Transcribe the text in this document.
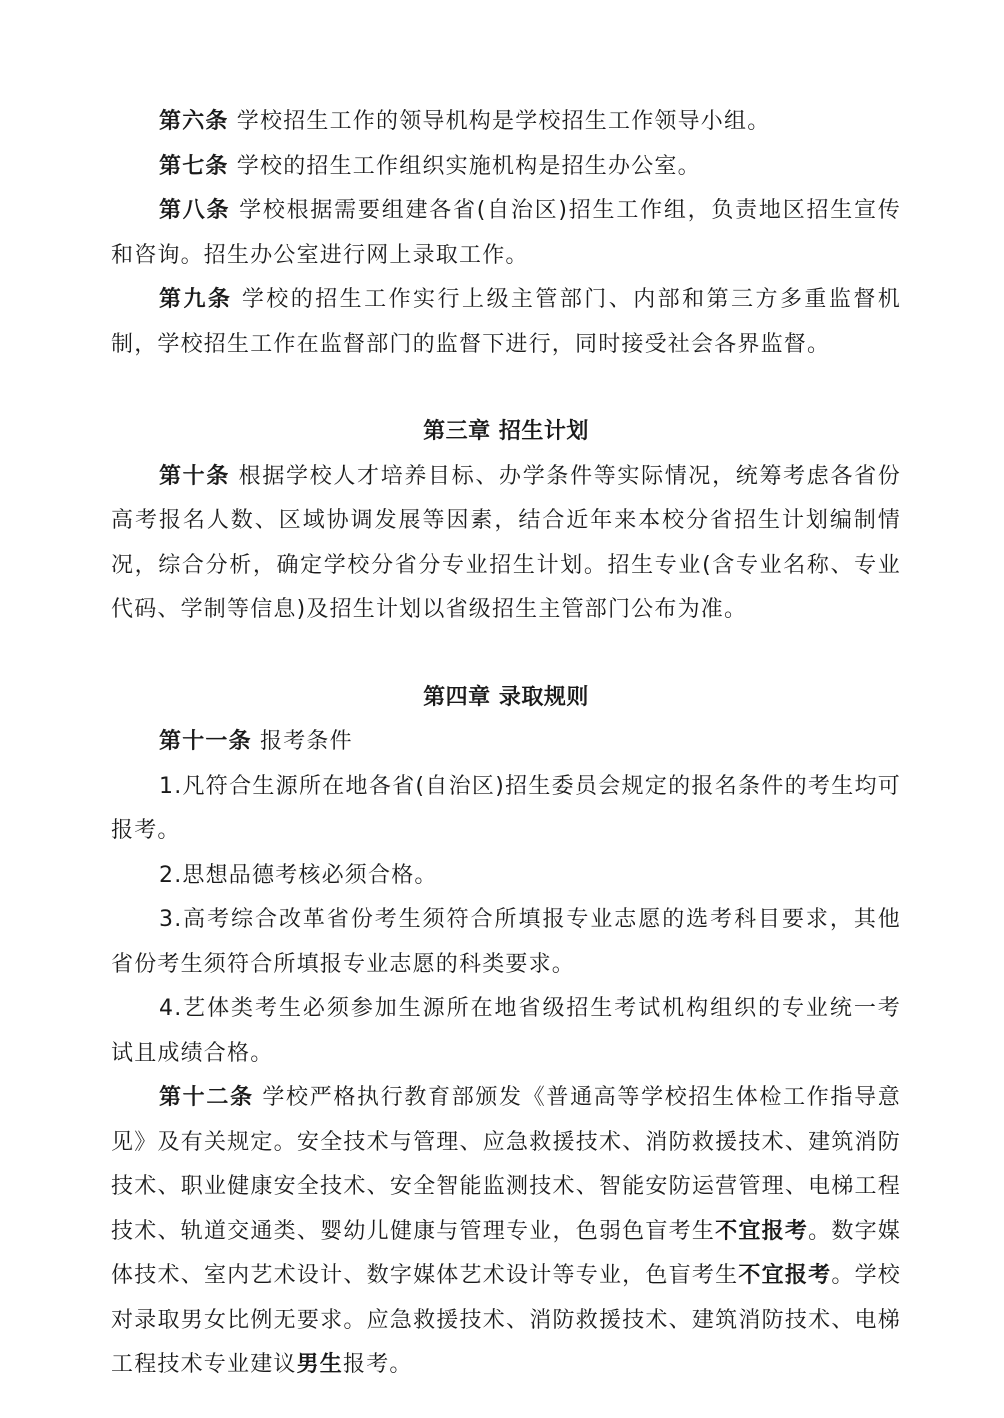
第六条 学校招生工作的领导机构是学校招生工作领导小组。

第七条 学校的招生工作组织实施机构是招生办公室。

第八条 学校根据需要组建各省(自治区)招生工作组，负责地区招生宣传和咨询。招生办公室进行网上录取工作。

第九条 学校的招生工作实行上级主管部门、内部和第三方多重监督机制，学校招生工作在监督部门的监督下进行，同时接受社会各界监督。

第三章 招生计划

第十条 根据学校人才培养目标、办学条件等实际情况，统筹考虑各省份高考报名人数、区域协调发展等因素，结合近年来本校分省招生计划编制情况，综合分析，确定学校分省分专业招生计划。招生专业(含专业名称、专业代码、学制等信息)及招生计划以省级招生主管部门公布为准。

第四章 录取规则

第十一条 报考条件

1.凡符合生源所在地各省(自治区)招生委员会规定的报名条件的考生均可报考。

2.思想品德考核必须合格。

3.高考综合改革省份考生须符合所填报专业志愿的选考科目要求，其他省份考生须符合所填报专业志愿的科类要求。

4.艺体类考生必须参加生源所在地省级招生考试机构组织的专业统一考试且成绩合格。

第十二条 学校严格执行教育部颁发《普通高等学校招生体检工作指导意见》及有关规定。安全技术与管理、应急救援技术、消防救援技术、建筑消防技术、职业健康安全技术、安全智能监测技术、智能安防运营管理、电梯工程技术、轨道交通类、婴幼儿健康与管理专业，色弱色盲考生不宜报考。数字媒体技术、室内艺术设计、数字媒体艺术设计等专业，色盲考生不宜报考。学校对录取男女比例无要求。应急救援技术、消防救援技术、建筑消防技术、电梯工程技术专业建议男生报考。
